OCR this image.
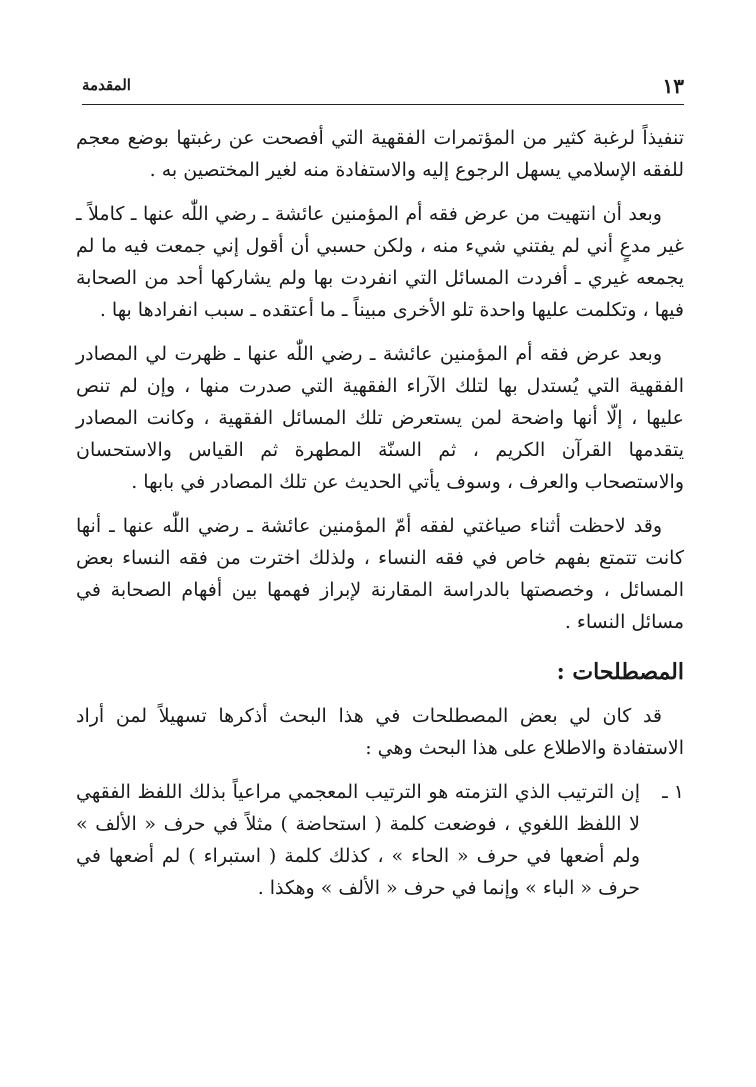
١٣
المقدمة

تنفيذاً لرغبة كثير من المؤتمرات الفقهية التي أفصحت عن رغبتها بوضع معجم للفقه الإسلامي يسهل الرجوع إليه والاستفادة منه لغير المختصين به .

وبعد أن انتهيت من عرض فقه أم المؤمنين عائشة ـ رضي اللّٰه عنها ـ كاملاً ـ غير مدعٍ أني لم يفتني شيء منه ، ولكن حسبي أن أقول إني جمعت فيه ما لم يجمعه غيري ـ أفردت المسائل التي انفردت بها ولم يشاركها أحد من الصحابة فيها ، وتكلمت عليها واحدة تلو الأخرى مبيناً ـ ما أعتقده ـ سبب انفرادها بها .

وبعد عرض فقه أم المؤمنين عائشة ـ رضي اللّٰه عنها ـ ظهرت لي المصادر الفقهية التي يُستدل بها لتلك الآراء الفقهية التي صدرت منها ، وإن لم تنص عليها ، إلّا أنها واضحة لمن يستعرض تلك المسائل الفقهية ، وكانت المصادر يتقدمها القرآن الكريم ، ثم السنّة المطهرة ثم القياس والاستحسان والاستصحاب والعرف ، وسوف يأتي الحديث عن تلك المصادر في بابها .

وقد لاحظت أثناء صياغتي لفقه أمّ المؤمنين عائشة ـ رضي اللّٰه عنها ـ أنها كانت تتمتع بفهم خاص في فقه النساء ، ولذلك اخترت من فقه النساء بعض المسائل ، وخصصتها بالدراسة المقارنة لإبراز فهمها بين أفهام الصحابة في مسائل النساء .

المصطلحات :

قد كان لي بعض المصطلحات في هذا البحث أذكرها تسهيلاً لمن أراد الاستفادة والاطلاع على هذا البحث وهي :

١ ـ
إن الترتيب الذي التزمته هو الترتيب المعجمي مراعياً بذلك اللفظ الفقهي لا اللفظ اللغوي ، فوضعت كلمة ( استحاضة ) مثلاً في حرف « الألف » ولم أضعها في حرف « الحاء » ، كذلك كلمة ( استبراء ) لم أضعها في حرف « الباء » وإنما في حرف « الألف » وهكذا .
